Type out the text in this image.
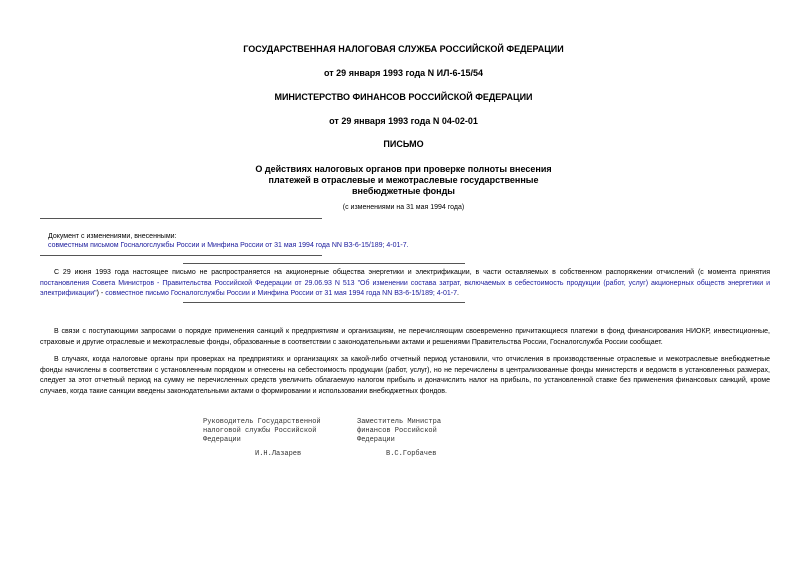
ГОСУДАРСТВЕННАЯ НАЛОГОВАЯ СЛУЖБА РОССИЙСКОЙ ФЕДЕРАЦИИ
от 29 января 1993 года N ИЛ-6-15/54
МИНИСТЕРСТВО ФИНАНСОВ РОССИЙСКОЙ ФЕДЕРАЦИИ
от 29 января 1993 года N 04-02-01
ПИСЬМО
О действиях налоговых органов при проверке полноты внесения
платежей в отраслевые и межотраслевые государственные
внебюджетные фонды
(с изменениями на 31 мая 1994 года)
Документ с изменениями, внесенными:
совместным письмом Госналогслужбы России и Минфина России от 31 мая 1994 года NN ВЗ-6-15/189; 4-01-7.
С 29 июня 1993 года настоящее письмо не распространяется на акционерные общества энергетики и электрификации, в части оставляемых в собственном распоряжении отчислений (с момента принятия постановления Совета Министров - Правительства Российской Федерации от 29.06.93 N 513 "Об изменении состава затрат, включаемых в себестоимость продукции (работ, услуг) акционерных обществ энергетики и электрификации") - совместное письмо Госналогслужбы России и Минфина России от 31 мая 1994 года NN ВЗ-6-15/189; 4-01-7.
В связи с поступающими запросами о порядке применения санкций к предприятиям и организациям, не перечисляющим своевременно причитающиеся платежи в фонд финансирования НИОКР, инвестиционные, страховые и другие отраслевые и межотраслевые фонды, образованные в соответствии с законодательными актами и решениями Правительства России, Госналогслужба России сообщает.
В случаях, когда налоговые органы при проверках на предприятиях и организациях за какой-либо отчетный период установили, что отчисления в производственные отраслевые и межотраслевые внебюджетные фонды начислены в соответствии с установленным порядком и отнесены на себестоимость продукции (работ, услуг), но не перечислены в централизованные фонды министерств и ведомств в установленных размерах, следует за этот отчетный период на сумму не перечисленных средств увеличить облагаемую налогом прибыль и доначислить налог на прибыль, по установленной ставке без применения финансовых санкций, кроме случаев, когда такие санкции введены законодательными актами о формировании и использовании внебюджетных фондов.
Руководитель Государственной
налоговой службы Российской
Федерации
И.Н.Лазарев
Заместитель Министра
финансов Российской
Федерации
В.С.Горбачев
